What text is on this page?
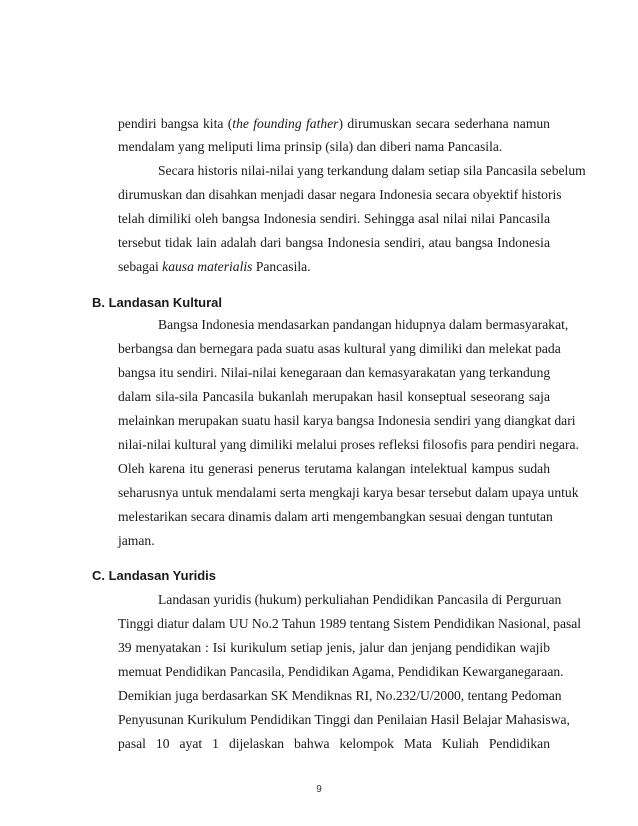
pendiri bangsa kita (the founding father) dirumuskan secara sederhana namun
mendalam yang meliputi lima prinsip (sila) dan diberi nama Pancasila.
Secara historis nilai-nilai yang terkandung dalam setiap sila Pancasila sebelum
dirumuskan dan disahkan menjadi dasar negara Indonesia secara obyektif historis
telah dimiliki oleh bangsa Indonesia sendiri. Sehingga asal nilai nilai Pancasila
tersebut tidak lain adalah dari bangsa Indonesia sendiri, atau bangsa Indonesia
sebagai kausa materialis Pancasila.
B. Landasan Kultural
Bangsa Indonesia mendasarkan pandangan hidupnya dalam bermasyarakat,
berbangsa dan bernegara pada suatu asas kultural yang dimiliki dan melekat pada
bangsa itu sendiri. Nilai-nilai kenegaraan dan kemasyarakatan yang terkandung
dalam sila-sila Pancasila bukanlah merupakan hasil konseptual seseorang saja
melainkan merupakan suatu hasil karya bangsa Indonesia sendiri yang diangkat dari
nilai-nilai kultural yang dimiliki melalui proses refleksi filosofis para pendiri negara.
Oleh karena itu generasi penerus terutama kalangan intelektual kampus sudah
seharusnya untuk mendalami serta mengkaji karya besar tersebut dalam upaya untuk
melestarikan secara dinamis dalam arti mengembangkan sesuai dengan tuntutan
jaman.
C. Landasan Yuridis
Landasan yuridis (hukum) perkuliahan Pendidikan Pancasila di Perguruan
Tinggi diatur dalam UU No.2 Tahun 1989 tentang Sistem Pendidikan Nasional, pasal
39 menyatakan : Isi kurikulum setiap jenis, jalur dan jenjang pendidikan wajib
memuat Pendidikan Pancasila, Pendidikan Agama, Pendidikan Kewarganegaraan.
Demikian juga berdasarkan SK Mendiknas RI, No.232/U/2000, tentang Pedoman
Penyusunan Kurikulum Pendidikan Tinggi dan Penilaian Hasil Belajar Mahasiswa,
pasal 10 ayat 1 dijelaskan bahwa kelompok Mata Kuliah Pendidikan
9
